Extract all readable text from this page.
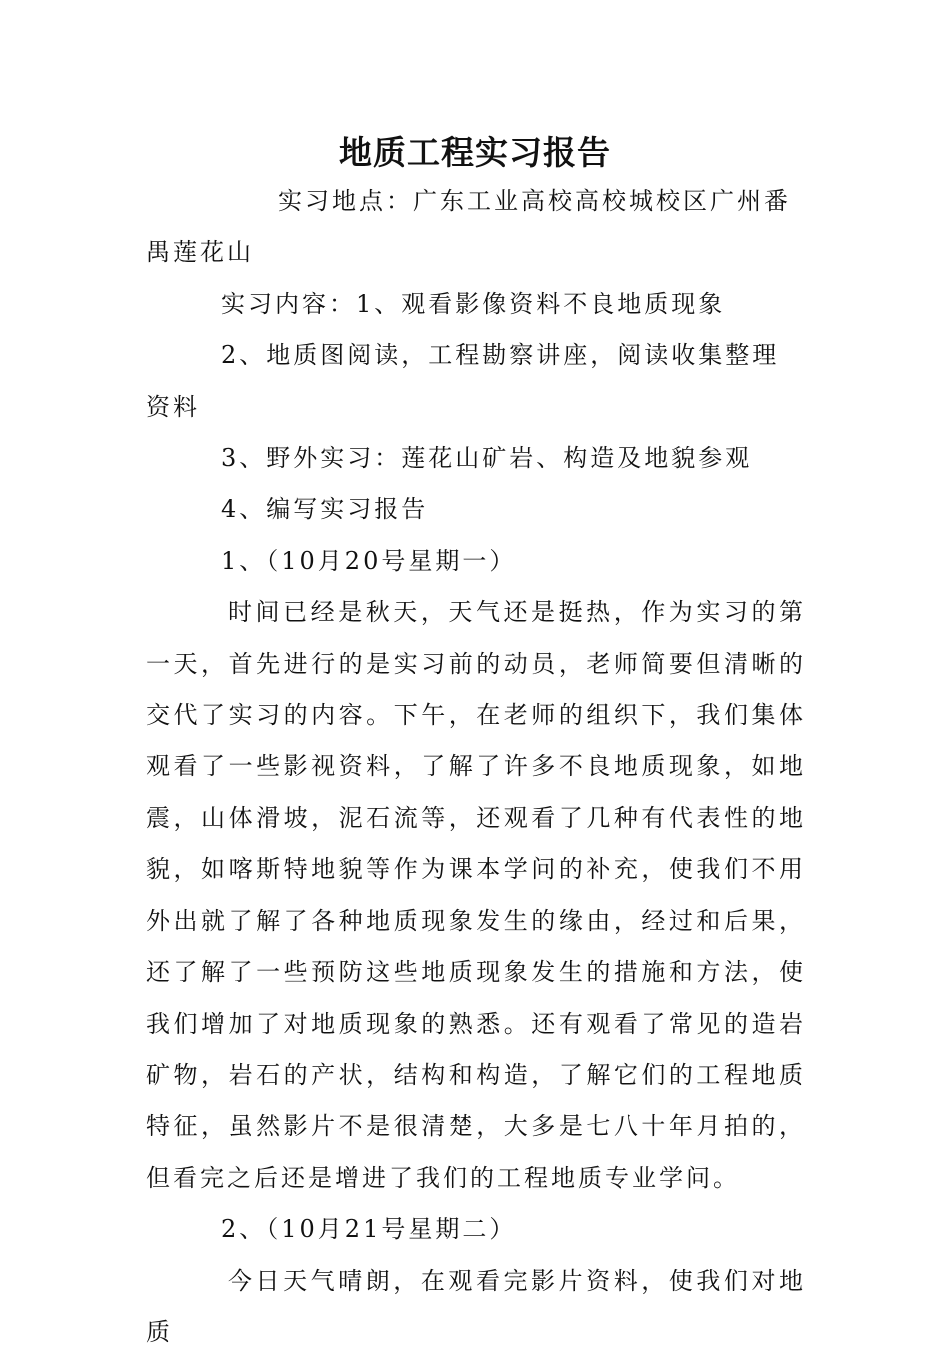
地质工程实习报告

实习地点：广东工业高校高校城校区广州番禺莲花山

实习内容：1、观看影像资料不良地质现象

2、地质图阅读，工程勘察讲座，阅读收集整理资料

3、野外实习：莲花山矿岩、构造及地貌参观

4、编写实习报告

1、（10月20号星期一）

时间已经是秋天，天气还是挺热，作为实习的第一天，首先进行的是实习前的动员，老师简要但清晰的交代了实习的内容。下午，在老师的组织下，我们集体观看了一些影视资料，了解了许多不良地质现象，如地震，山体滑坡，泥石流等，还观看了几种有代表性的地貌，如喀斯特地貌等作为课本学问的补充，使我们不用外出就了解了各种地质现象发生的缘由，经过和后果，还了解了一些预防这些地质现象发生的措施和方法，使我们增加了对地质现象的熟悉。还有观看了常见的造岩矿物，岩石的产状，结构和构造，了解它们的工程地质特征，虽然影片不是很清楚，大多是七八十年月拍的，但看完之后还是增进了我们的工程地质专业学问。

2、（10月21号星期二）

今日天气晴朗，在观看完影片资料，使我们对地质
